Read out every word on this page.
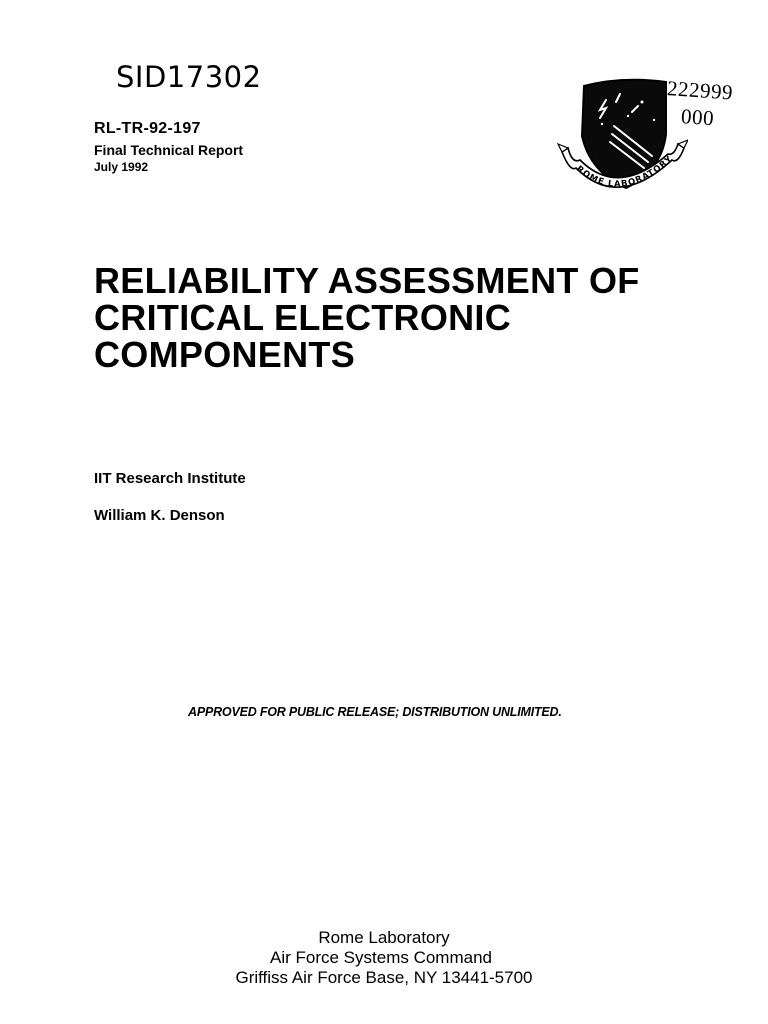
SID17302
RL-TR-92-197
Final Technical Report
July 1992
222999
000
ROME LABORATORY
RELIABILITY ASSESSMENT OF
CRITICAL ELECTRONIC
COMPONENTS
IIT Research Institute
William K. Denson
APPROVED FOR PUBLIC RELEASE; DISTRIBUTION UNLIMITED.
Rome Laboratory
Air Force Systems Command
Griffiss Air Force Base, NY 13441-5700
